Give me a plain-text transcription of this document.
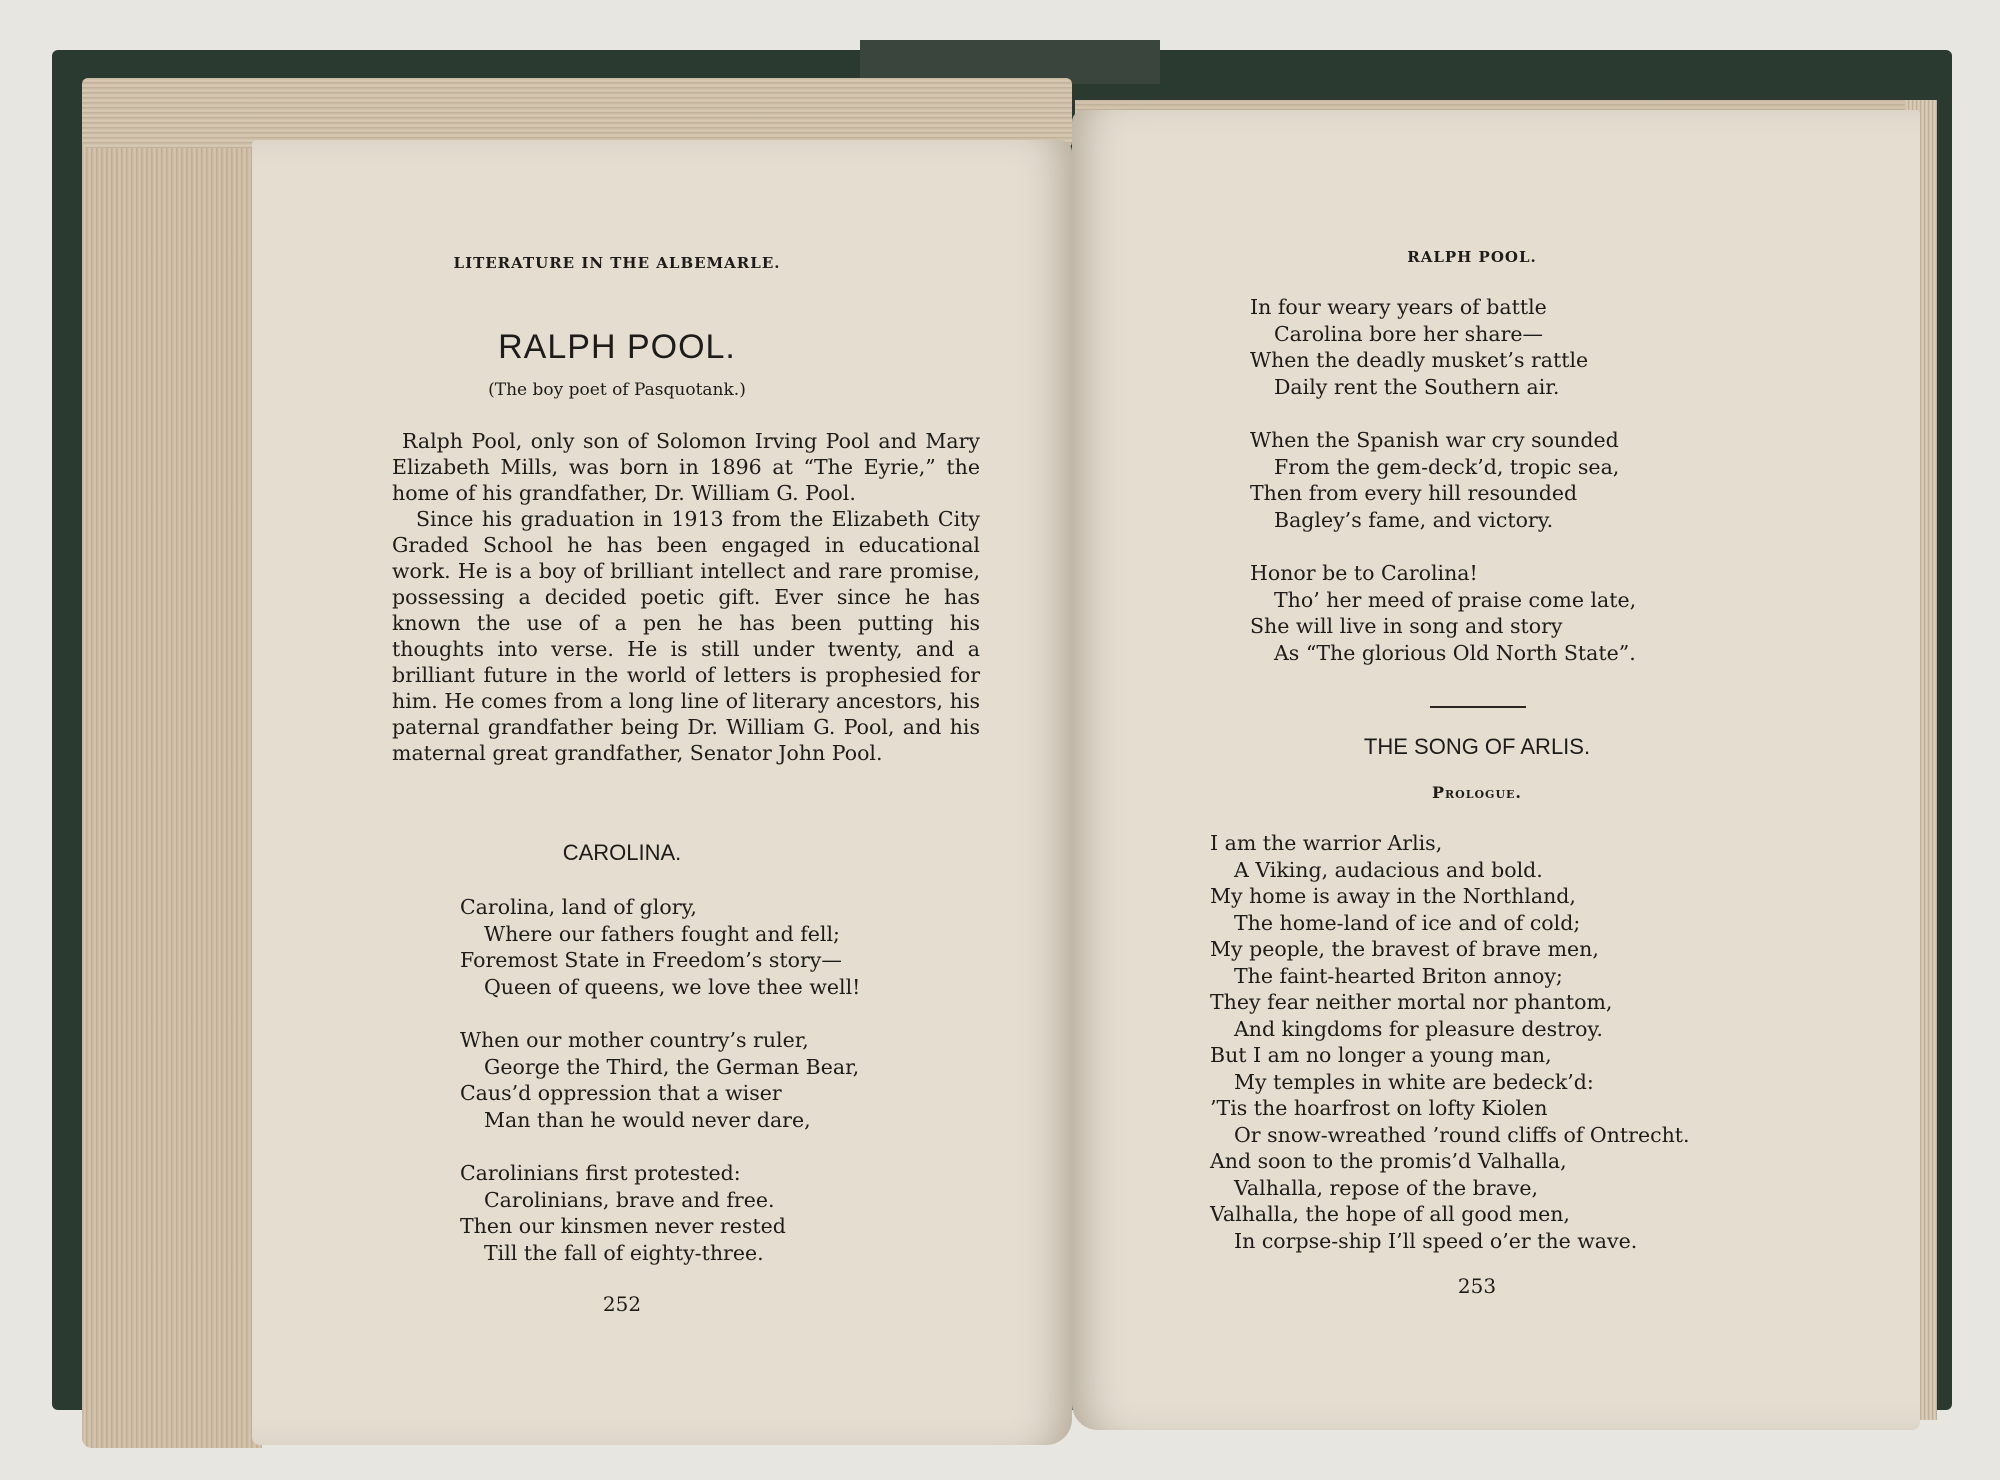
LITERATURE IN THE ALBEMARLE.
RALPH POOL.
(The boy poet of Pasquotank.)

Ralph Pool, only son of Solomon Irving Pool and Mary Elizabeth Mills, was born in 1896 at “The Eyrie,” the home of his grandfather, Dr. William G. Pool.

Since his graduation in 1913 from the Elizabeth City Graded School he has been engaged in educational work. He is a boy of brilliant intellect and rare promise, possessing a decided poetic gift. Ever since he has known the use of a pen he has been putting his thoughts into verse. He is still under twenty, and a brilliant future in the world of letters is prophesied for him. He comes from a long line of literary ancestors, his paternal grandfather being Dr. William G. Pool, and his maternal great grandfather, Senator John Pool.

CAROLINA.
Carolina, land of glory,
Where our fathers fought and fell;
Foremost State in Freedom’s story—
Queen of queens, we love thee well!
When our mother country’s ruler,
George the Third, the German Bear,
Caus’d oppression that a wiser
Man than he would never dare,
Carolinians first protested:
Carolinians, brave and free.
Then our kinsmen never rested
Till the fall of eighty-three.
252
RALPH POOL.
In four weary years of battle
Carolina bore her share—
When the deadly musket’s rattle
Daily rent the Southern air.
When the Spanish war cry sounded
From the gem-deck’d, tropic sea,
Then from every hill resounded
Bagley’s fame, and victory.
Honor be to Carolina!
Tho’ her meed of praise come late,
She will live in song and story
As “The glorious Old North State”.
THE SONG OF ARLIS.
Prologue.
I am the warrior Arlis,
A Viking, audacious and bold.
My home is away in the Northland,
The home-land of ice and of cold;
My people, the bravest of brave men,
The faint-hearted Briton annoy;
They fear neither mortal nor phantom,
And kingdoms for pleasure destroy.
But I am no longer a young man,
My temples in white are bedeck’d:
’Tis the hoarfrost on lofty Kiolen
Or snow-wreathed ’round cliffs of Ontrecht.
And soon to the promis’d Valhalla,
Valhalla, repose of the brave,
Valhalla, the hope of all good men,
In corpse-ship I’ll speed o’er the wave.
253
